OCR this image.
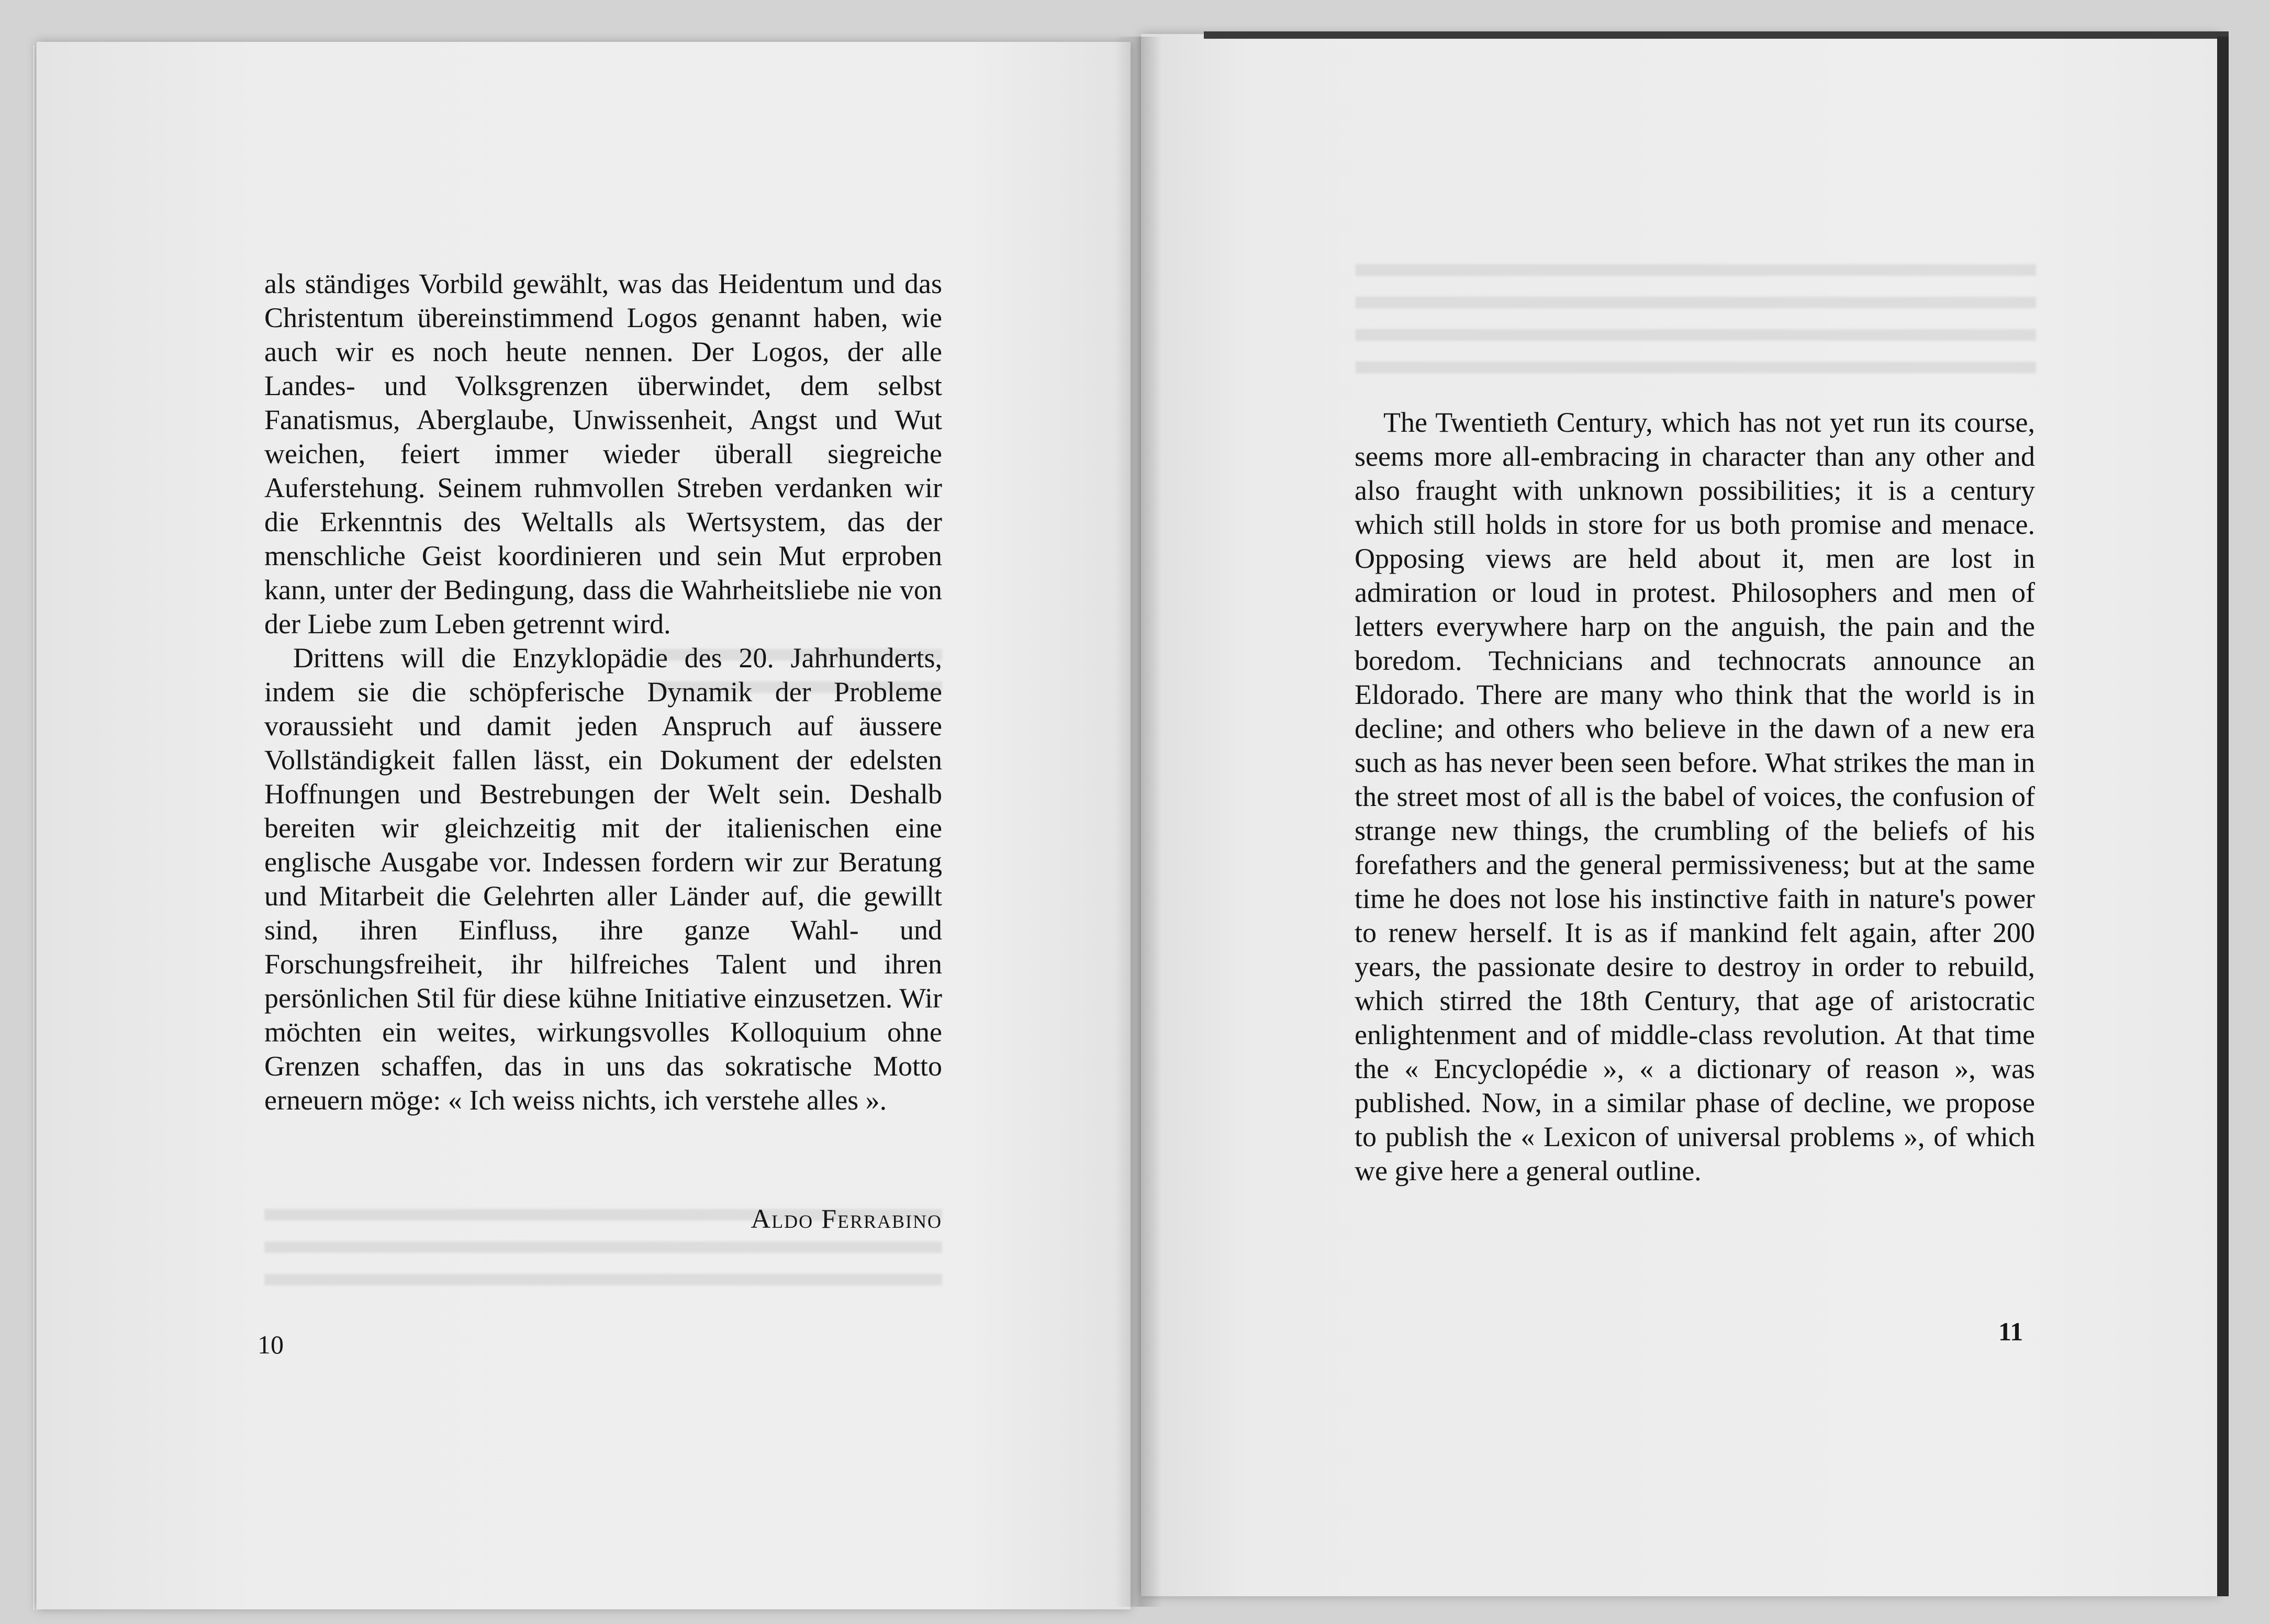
als ständiges Vorbild gewählt, was das Heidentum und das Christentum übereinstimmend Logos genannt haben, wie auch wir es noch heute nennen. Der Logos, der alle Landes- und Volksgrenzen überwindet, dem selbst Fanatismus, Aberglaube, Unwissenheit, Angst und Wut weichen, feiert immer wieder überall siegreiche Auferstehung. Seinem ruhmvollen Streben verdanken wir die Erkenntnis des Weltalls als Wertsystem, das der menschliche Geist koordinieren und sein Mut erproben kann, unter der Bedingung, dass die Wahrheitsliebe nie von der Liebe zum Leben getrennt wird.

Drittens will die Enzyklopädie des 20. Jahrhunderts, indem sie die schöpferische Dynamik der Probleme voraussieht und damit jeden Anspruch auf äussere Vollständigkeit fallen lässt, ein Dokument der edelsten Hoffnungen und Bestrebungen der Welt sein. Deshalb bereiten wir gleichzeitig mit der italienischen eine englische Ausgabe vor. Indessen fordern wir zur Beratung und Mitarbeit die Gelehrten aller Länder auf, die gewillt sind, ihren Einfluss, ihre ganze Wahl- und Forschungsfreiheit, ihr hilfreiches Talent und ihren persönlichen Stil für diese kühne Initiative einzusetzen. Wir möchten ein weites, wirkungsvolles Kolloquium ohne Grenzen schaffen, das in uns das sokratische Motto erneuern möge: « Ich weiss nichts, ich verstehe alles ».

Aldo Ferrabino
10

The Twentieth Century, which has not yet run its course, seems more all-embracing in character than any other and also fraught with unknown possibilities; it is a century which still holds in store for us both promise and menace. Opposing views are held about it, men are lost in admiration or loud in protest. Philosophers and men of letters everywhere harp on the anguish, the pain and the boredom. Technicians and technocrats announce an Eldorado. There are many who think that the world is in decline; and others who believe in the dawn of a new era such as has never been seen before. What strikes the man in the street most of all is the babel of voices, the confusion of strange new things, the crumbling of the beliefs of his forefathers and the general permissiveness; but at the same time he does not lose his instinctive faith in nature's power to renew herself. It is as if mankind felt again, after 200 years, the passionate desire to destroy in order to rebuild, which stirred the 18th Century, that age of aristocratic enlightenment and of middle-class revolution. At that time the « Encyclopédie », « a dictionary of reason », was published. Now, in a similar phase of decline, we propose to publish the « Lexicon of universal problems », of which we give here a general outline.

11
